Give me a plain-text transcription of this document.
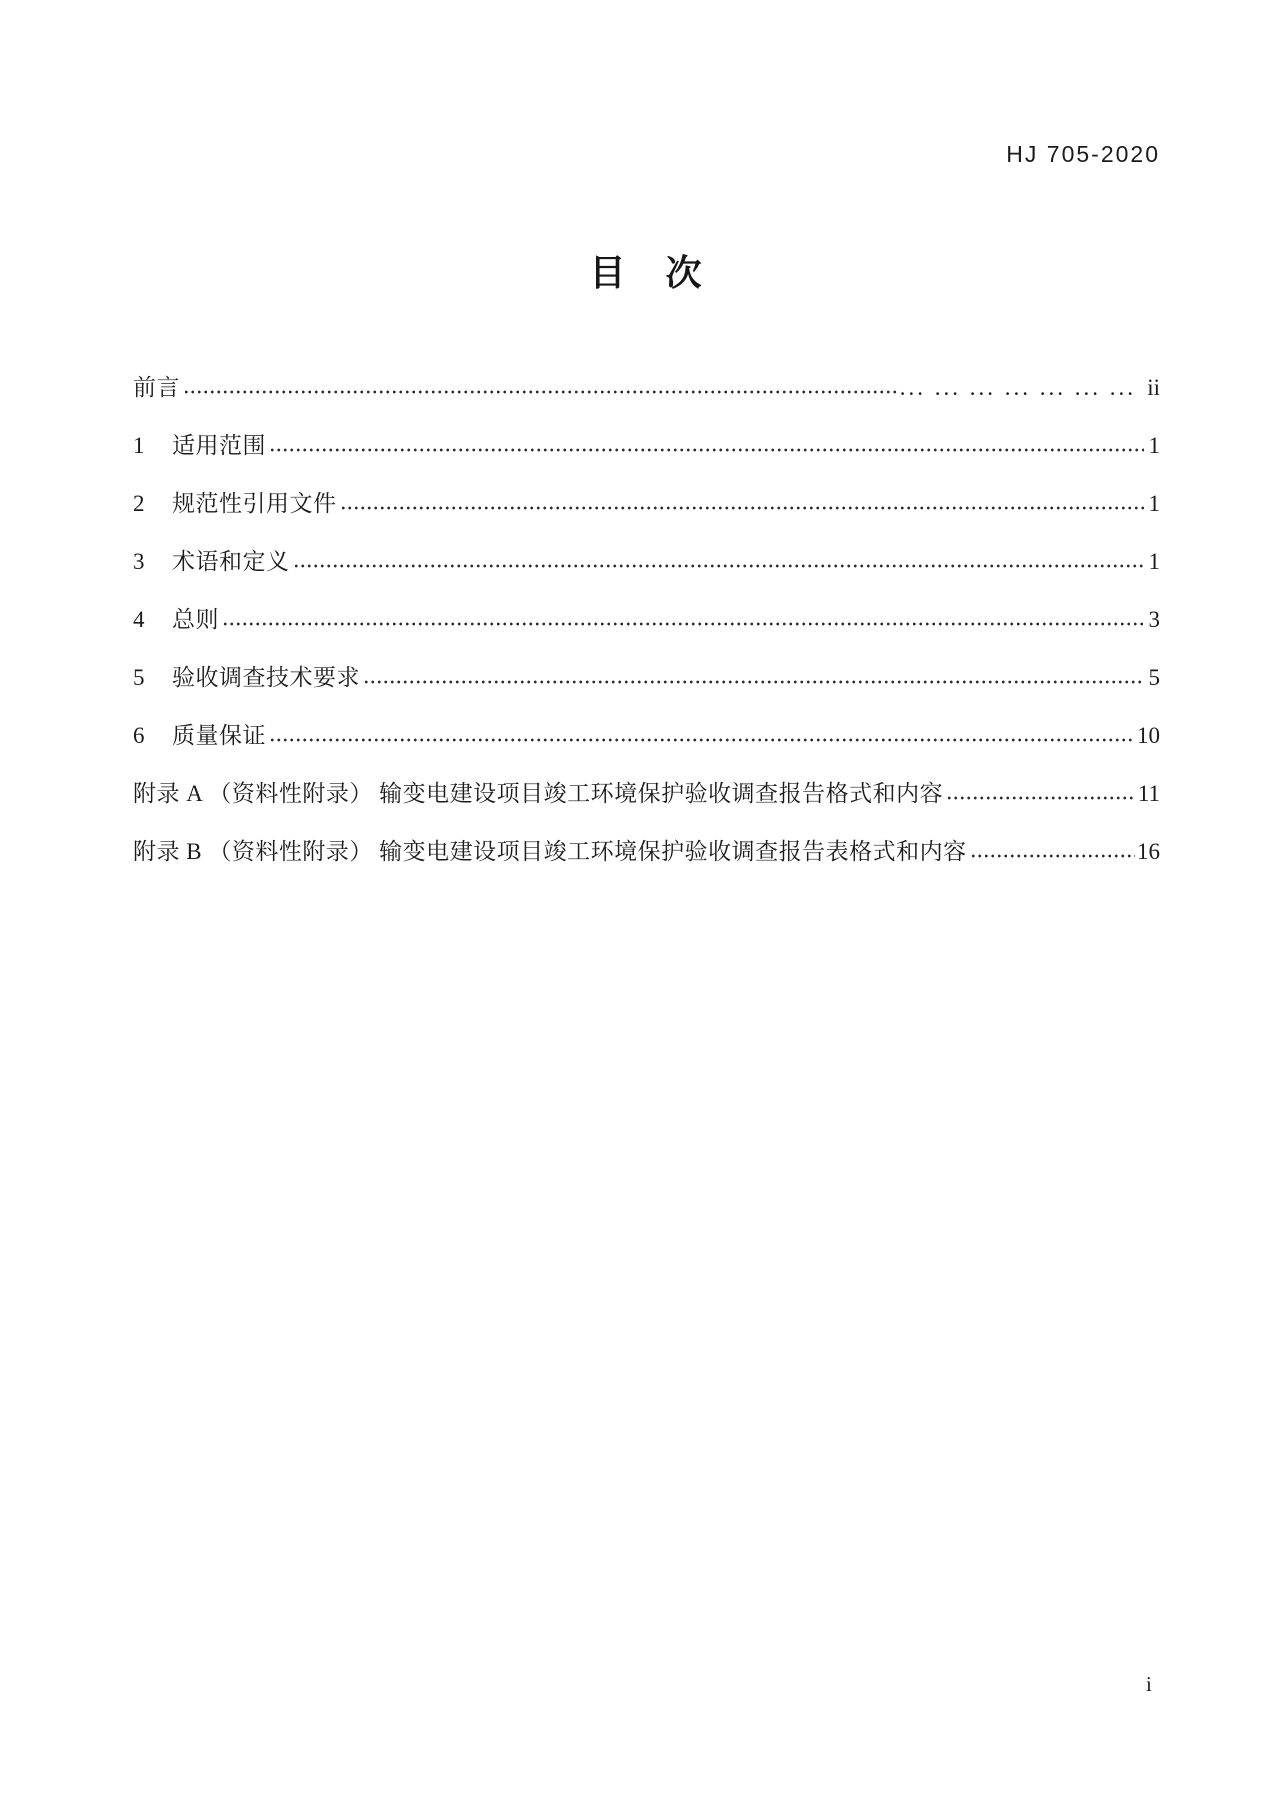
HJ 705-2020
目　次
前言	... ... ... ... ... ... ... ii
1	适用范围	1
2	规范性引用文件	1
3	术语和定义	1
4	总则	3
5	验收调查技术要求	5
6	质量保证	10
附录 A （资料性附录） 输变电建设项目竣工环境保护验收调查报告格式和内容	11
附录 B （资料性附录） 输变电建设项目竣工环境保护验收调查报告表格式和内容	16
i
